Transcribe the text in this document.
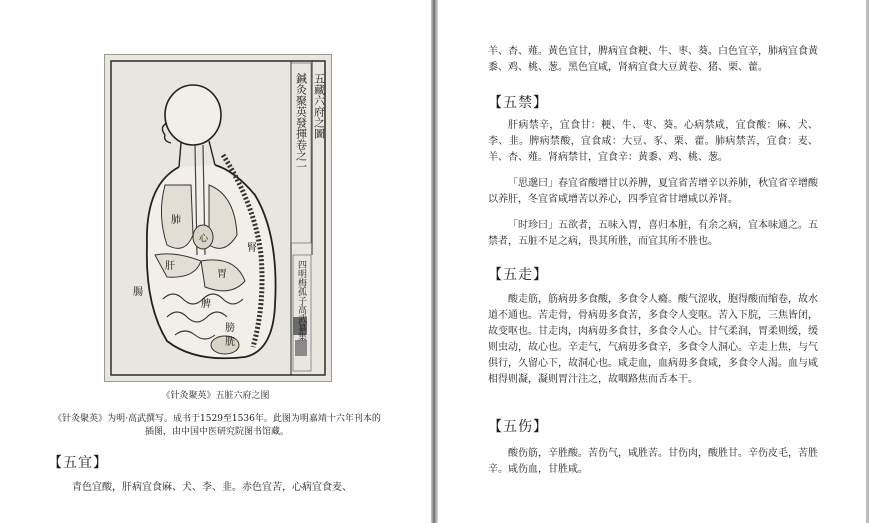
鍼灸聚英發揮卷之一 五藏六府之圖
四明梅孤子高武纂集
肺
心
肝
胃
脾
腸
腎
膀
胱
《针灸聚英》五脏六府之图
《针灸聚英》为明·高武撰写。成书于1529至1536年。此图为明嘉靖十六年刊本的插图，由中国中医研究院图书馆藏。
【五宜】

青色宜酸，肝病宜食麻、犬、李、韭。赤色宜苦，心病宜食麦、

羊、杏、薤。黄色宜甘，脾病宜食粳、牛、枣、葵。白色宜辛，肺病宜食黄黍、鸡、桃、葱。黑色宜咸，肾病宜食大豆黄卷、猪、栗、藿。

【五禁】

肝病禁辛，宜食甘：粳、牛、枣、葵。心病禁咸，宜食酸：麻、犬、李、韭。脾病禁酸，宜食咸：大豆、豕、栗、藿。肺病禁苦，宜食：麦、羊、杏、薤。肾病禁甘，宜食辛：黄黍、鸡、桃、葱。

「思邈曰」春宜省酸增甘以养脾，夏宜省苦增辛以养肺，秋宜省辛增酸以养肝，冬宜省咸增苦以养心，四季宜省甘增咸以养肾。

「时珍曰」五欲者，五味入胃，喜归本脏，有余之病，宜本味通之。五禁者，五脏不足之病，畏其所胜，而宜其所不胜也。

【五走】

酸走筋，筋病毋多食酸，多食令人癃。酸气涩收，胞得酸而缩卷，故水道不通也。苦走骨，骨病毋多食苦，多食令人变呕。苦入下脘，三焦皆闭，故变呕也。甘走肉，肉病毋多食甘，多食令人心。甘气柔润，胃柔则缓，缓则虫动，故心也。辛走气，气病毋多食辛，多食令人洞心。辛走上焦，与气俱行，久留心下，故洞心也。咸走血，血病毋多食咸，多食令人渴。血与咸相得则凝，凝则胃汁注之，故咽路焦而舌本干。

【五伤】

酸伤筋，辛胜酸。苦伤气，咸胜苦。甘伤肉，酸胜甘。辛伤皮毛，苦胜辛。咸伤血，甘胜咸。
